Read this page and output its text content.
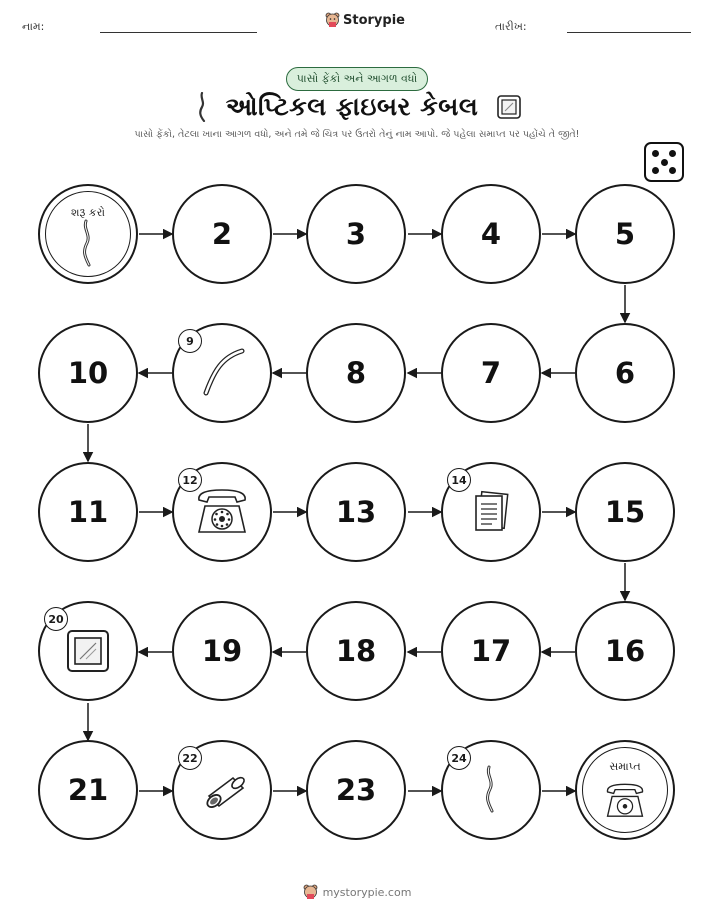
નામ:	Storypie	તારીખ:
પાસો ફેંકો અને આગળ વધો
ઓપ્ટિકલ ફાઇબર કેબલ
પાસો ફેંકો, તેટલા ખાના આગળ વધો, અને તમે જે ચિત્ર પર ઉતરો તેનું નામ આપો. જે પહેલા સમાપ્ત પર પહોંચે તે જીતે!
શરૂ કરો
2	3	4	5
10
9
8	7	6
11
12
13
14
15
20
19	18	17	16
21
22
23
24
સમાપ્ત
mystorypie.com
